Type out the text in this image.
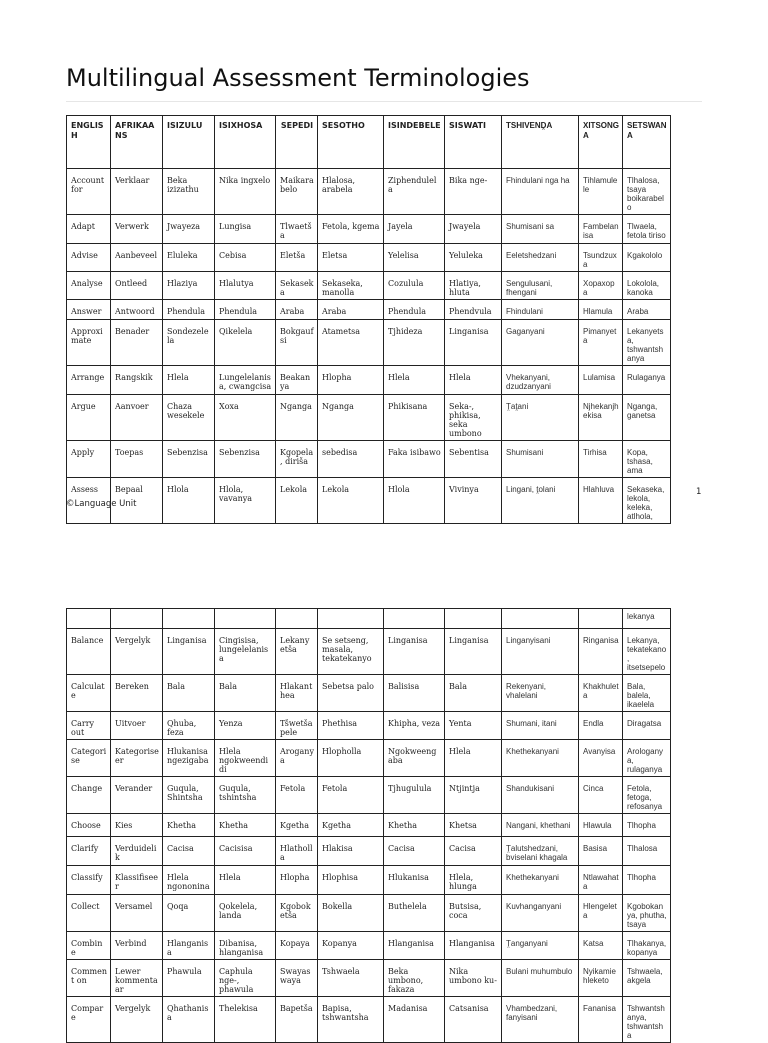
Multilingual Assessment Terminologies
ENGLISH	AFRIKAANS	ISIZULU	ISIXHOSA	SEPEDI	SESOTHO	ISINDEBELE	SISWATI	TSHIVENḒA	XITSONGA	SETSWANA
Account for	Verklaar	Beka izizathu	Nika ingxelo	Maikarabelo	Hlalosa, arabela	Ziphendulela	Bika nge-	Fhindulani nga ha	Tihlamulele	Tlhalosa, tsaya boikarabelo
Adapt	Verwerk	Jwayeza	Lungisa	Tlwaetša	Fetola, kgema	Jayela	Jwayela	Shumisani sa	Fambelanisa	Tlwaela, fetola tiriso
Advise	Aanbeveel	Eluleka	Cebisa	Eletša	Eletsa	Yelelisa	Yeluleka	Eeletshedzani	Tsundzuxa	Kgakololo
Analyse	Ontleed	Hlaziya	Hlalutya	Sekaseka	Sekaseka, manolla	Cozulula	Hlatiya, hluta	Sengulusani, fhengani	Xopaxopa	Lokolola, kanoka
Answer	Antwoord	Phendula	Phendula	Araba	Araba	Phendula	Phendvula	Fhindulani	Hlamula	Araba
Approximate	Benader	Sondezelela	Qikelela	Bokgaufsi	Atametsa	Tjhideza	Linganisa	Gaganyani	Pimanyeta	Lekanyetsa, tshwantshanya
Arrange	Rangskik	Hlela	Lungelelanisa, cwangcisa	Beakanya	Hlopha	Hlela	Hlela	Vhekanyani, dzudzanyani	Lulamisa	Rulaganya
Argue	Aanvoer	Chaza wesekele	Xoxa	Nganga	Nganga	Phikisana	Seka-, phikisa, seka umbono	Ṱaṱani	Njhekanjhekisa	Nganga, ganetsa
Apply	Toepas	Sebenzisa	Sebenzisa	Kgopela, diriša	sebedisa	Faka isibawo	Sebentisa	Shumisani	Tirhisa	Kopa, tshasa, ama
Assess	Bepaal	Hlola	Hlola, vavanya	Lekola	Lekola	Hlola	Vivinya	Lingani, ṱolani	Hlahluva	Sekaseka, lekola, keleka, atlhola,
©Language Unit
1
										lekanya
Balance	Vergelyk	Linganisa	Cingisisa, lungelelanisa	Lekanyetša	Se setseng, masala, tekatekanyo	Linganisa	Linganisa	Linganyisani	Ringanisa	Lekanya, tekatekano, itsetsepelo
Calculate	Bereken	Bala	Bala	Hlakanthea	Sebetsa palo	Balisisa	Bala	Rekenyani, vhalelani	Khakhuleta	Bala, balela, ikaelela
Carry out	Uitvoer	Qhuba, feza	Yenza	Tšwetša pele	Phethisa	Khipha, veza	Yenta	Shumani, itani	Endla	Diragatsa
Categorise	Kategoriseer	Hlukanisa ngezigaba	Hlela ngokweendidi	Aroganya	Hlopholla	Ngokweengaba	Hlela	Khethekanyani	Avanyisa	Arologanya, rulaganya
Change	Verander	Guqula, Shintsha	Guqula, tshintsha	Fetola	Fetola	Tjhugulula	Ntjintja	Shandukisani	Cinca	Fetola, fetoga, refosanya
Choose	Kies	Khetha	Khetha	Kgetha	Kgetha	Khetha	Khetsa	Nangani, khethani	Hlawula	Tlhopha
Clarify	Verduidelik	Cacisa	Cacisisa	Hlatholla	Hlakisa	Cacisa	Cacisa	Ṱalutshedzani, bviselani khagala	Basisa	Tlhalosa
Classify	Klassifiseer	Hlela ngononina	Hlela	Hlopha	Hlophisa	Hlukanisa	Hlela, hlunga	Khethekanyani	Ntlawahata	Tlhopha
Collect	Versamel	Qoqa	Qokelela, landa	Kgoboketša	Bokella	Buthelela	Butsisa, coca	Kuvhanganyani	Hlengeleta	Kgobokanya, phutha, tsaya
Combine	Verbind	Hlanganisa	Dibanisa, hlanganisa	Kopaya	Kopanya	Hlanganisa	Hlanganisa	Ṱanganyani	Katsa	Tlhakanya, kopanya
Comment on	Lewer kommentaar	Phawula	Caphula nge-, phawula	Swayaswaya	Tshwaela	Beka umbono, fakaza	Nika umbono ku-	Bulani muhumbulo	Nyikamiehleketo	Tshwaela, akgela
Compare	Vergelyk	Qhathanisa	Thelekisa	Bapetša	Bapisa, tshwantsha	Madanisa	Catsanisa	Vhambedzani, fanyisani	Fananisa	Tshwantshanya, tshwantsha
